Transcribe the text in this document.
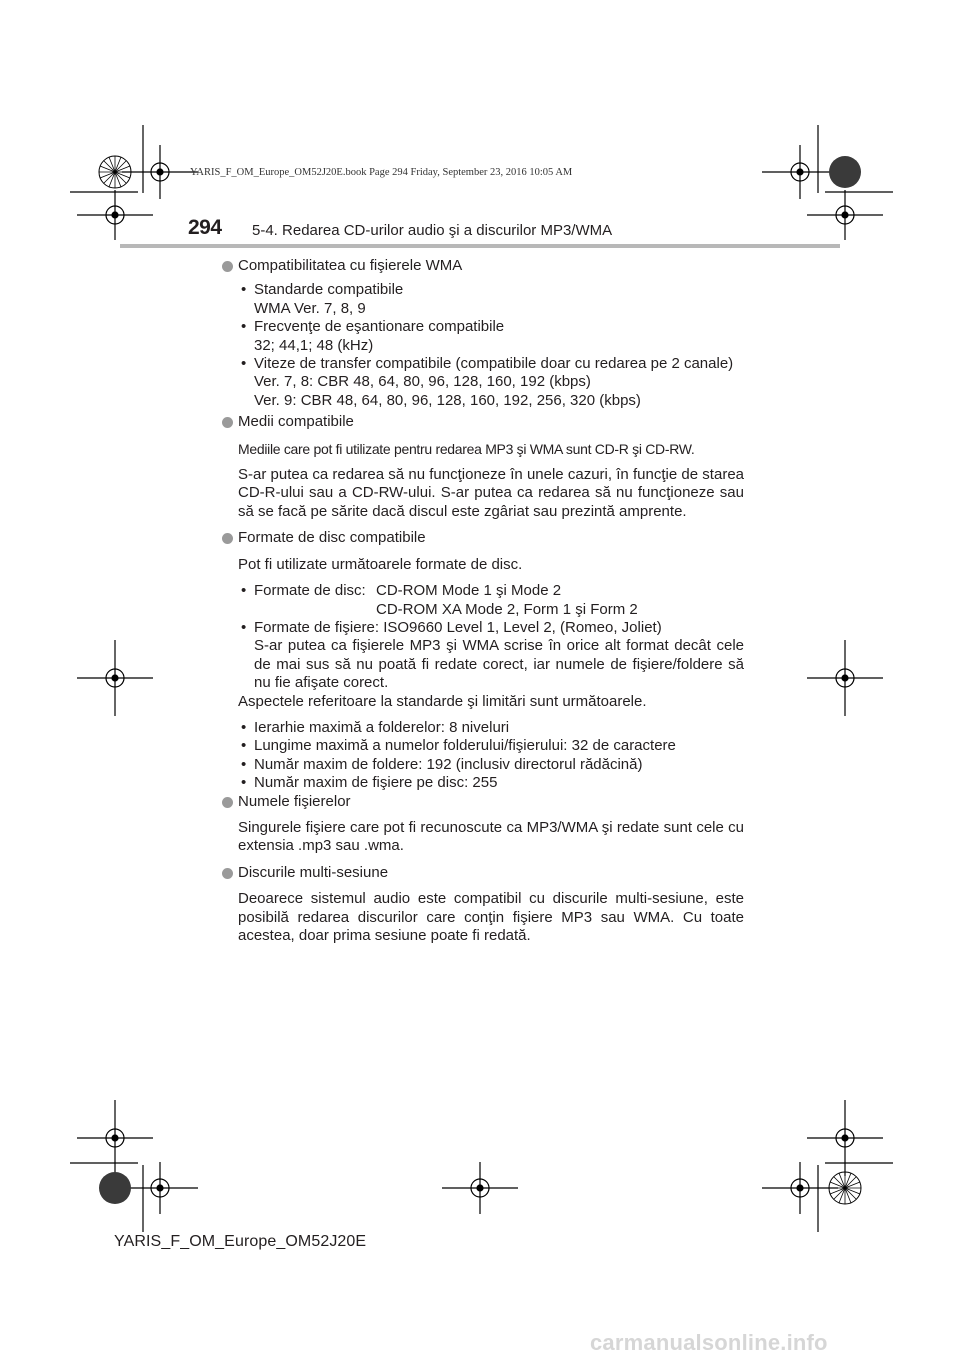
YARIS_F_OM_Europe_OM52J20E.book Page 294 Friday, September 23, 2016 10:05 AM
294 5-4. Redarea CD-urilor audio şi a discurilor MP3/WMA
Compatibilitatea cu fişierele WMA
• Standarde compatibile
WMA Ver. 7, 8, 9
• Frecvenţe de eşantionare compatibile
32; 44,1; 48 (kHz)
• Viteze de transfer compatibile (compatibile doar cu redarea pe 2 canale)
Ver. 7, 8: CBR 48, 64, 80, 96, 128, 160, 192 (kbps)
Ver. 9: CBR 48, 64, 80, 96, 128, 160, 192, 256, 320 (kbps)
Medii compatibile
Mediile care pot fi utilizate pentru redarea MP3 şi WMA sunt CD-R şi CD-RW.
S-ar putea ca redarea să nu funcţioneze în unele cazuri, în funcţie de starea CD-R-ului sau a CD-RW-ului. S-ar putea ca redarea să nu funcţioneze sau să se facă pe sărite dacă discul este zgâriat sau prezintă amprente.
Formate de disc compatibile
Pot fi utilizate următoarele formate de disc.
• Formate de disc: CD-ROM Mode 1 şi Mode 2
CD-ROM XA Mode 2, Form 1 şi Form 2
• Formate de fişiere: ISO9660 Level 1, Level 2, (Romeo, Joliet)
S-ar putea ca fişierele MP3 şi WMA scrise în orice alt format decât cele de mai sus să nu poată fi redate corect, iar numele de fişiere/foldere să nu fie afişate corect.
Aspectele referitoare la standarde şi limitări sunt următoarele.
• Ierarhie maximă a folderelor: 8 niveluri
• Lungime maximă a numelor folderului/fişierului: 32 de caractere
• Număr maxim de foldere: 192 (inclusiv directorul rădăcină)
• Număr maxim de fişiere pe disc: 255
Numele fişierelor
Singurele fişiere care pot fi recunoscute ca MP3/WMA şi redate sunt cele cu extensia .mp3 sau .wma.
Discurile multi-sesiune
Deoarece sistemul audio este compatibil cu discurile multi-sesiune, este posibilă redarea discurilor care conţin fişiere MP3 sau WMA. Cu toate acestea, doar prima sesiune poate fi redată.
YARIS_F_OM_Europe_OM52J20E
carmanualsonline.info
